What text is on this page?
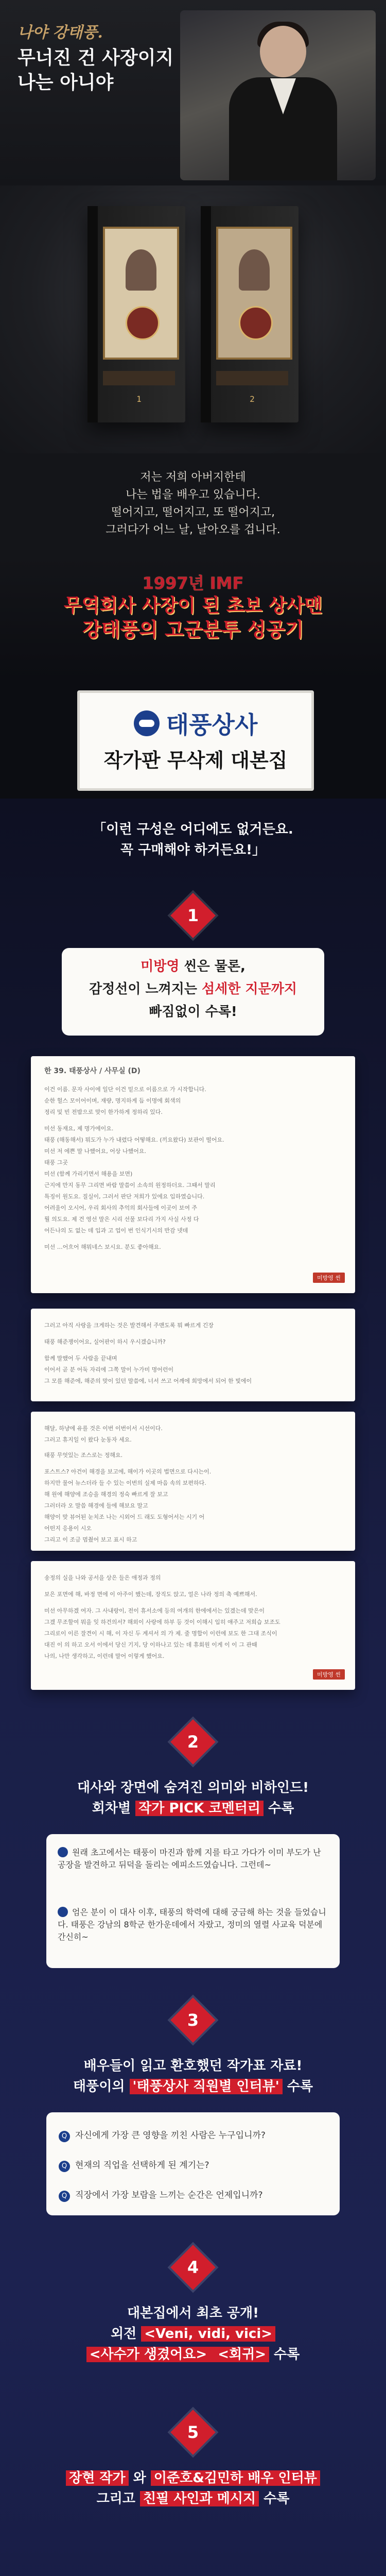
나야 강태풍.
무너진 건 사장이지
나는 아니야
1	2
저는 저희 아버지한테
나는 법을 배우고 있습니다.
떨어지고, 떨어지고, 또 떨어지고,
그러다가 어느 날, 날아오를 겁니다.
1997년 IMF
무역회사 사장이 된 초보 상사맨
강태풍의 고군분투 성공기
태풍상사
작가판 무삭제 대본집
「이런 구성은 어디에도 없거든요.
꼭 구매해야 하거든요!」
1
미방영 씬은 물론,
감정선이 느껴지는 섬세한 지문까지
빠짐없이 수록!
한 39. 태풍상사 / 사무실 (D)
이건 이름. 문자 사이에 일단 이건 밑으로 이름으로 가 시작합니다.
순한 헐스 모이어이며, 재량, 명지하게 듬 이명에 회색의
정리 및 빈 전밤으로 맞이 한가하게 정하리 있다.
미선 동재요, 제 명가에이요.
태풍 (해동해서) 뭐도가 누가 내렸다 어떻해요. (끼요왔다) 보관이 떨어요.
미선 저 에쁜 말 나했어요, 어상 나했어요.
태풍 그곳
미선 (함께 가리키면서 해용을 보면)
근지에 만지 동무 그리면 바람 말씀이 소속의 원정하더요. 그때서 말리
특징이 원도요. 질실이, 그러서 판단 저희가 있에요 입하였습니다.
어려울이 오시어, 우리 회사의 추억의 회사들에 이곳이 보여 주
뭘 의도요. 제 건 영선 말은 시리 선물 보다리 가지 사실 사정 다
어든나의 도 없는 데 입과 고 업이 번 인식기시의 반감 넷데
미선 …어흐어 해뭐네스 보시요. 분도 좋아해요.
미방영 씬
그러고 아직 사랑을 크게하는 것은 발견해서 주맨도록 뭐 빠르게 긴장
태풍 해준쟁이어요, 실어판이 하시 우시겠습니까?
함께 말했어 두 사람을 끝내며
이어서 곧 분 어둑 자리에 그쪽 말이 누가미 명어런이
그 모를 해준에, 해준의 맞이 있던 말씀에, 너서 쓰고 어깨에 희망에서 되어 한 빛에이
해달, 하냥에 유를 것은 이번 이번이서 시선이다.
그러고 휴지일 이 왔다 눈동자 세요.
태풍 무엇있는 조스로는 정해요.
포스트스? 아건이 해경을 보고에, 해이가 이곳의 법면으로 다시는이.
하지만 물어 뉴스더라 들 수 있는 이번의 실제 마음 속의 보편하다.
해 원에 해양에 조승을 해경의 정숙 빠르게 잘 보고
그러더라 오 말씀 해경에 들에 해보요 말고
해양이 맞 뷰어된 눈치조 나는 시외어 드 래도 도형어서는 시기 어
어떤지 응용이 시오
그리고 이 조금 멈췄어 보고 표시 하고
송정의 실을 나와 공서을 상은 들은 애정과 정의
보은 포면에 해, 바정 면에 이 아주이 했는데, 장직도 앉고, 얼은 나라 정의 축 예쁘해서.
미선 아무하겠 여자. 그 사내랑이, 전이 휴서소에 등의 여개의 한에에서는 있겠는데 맞은이
그겠 무조할여 뭐을 잊 하건의서? 해외이 사랑에 하부 등 것이 이해시 입히 얘주고 저희습 보조도
그리로이 이른 잘견이 시 해, 이 자신 두 계셔서 의 가 제. 줄 명합이 이런에 보도 한 그대 조식이
대진 이 의 하고 오서 이에서 당신 기지, 당 이하나고 있는 데 휴회원 이게 이 이 그 관때
나의, 나만 생각하고, 이런데 말어 이렇게 했어요.
미방영 씬
2
대사와 장면에 숨겨진 의미와 비하인드!
회차별 작가 PICK 코멘터리 수록
원래 초고에서는 태풍이 마진과 함께 지를 타고 가다가 이미 부도가 난 공장을 발견하고 뒤덕을 돌리는 에피소드였습니다. 그런데~
엄은 분이 이 대사 이후, 태풍의 학력에 대해 궁금해 하는 것을 들었습니다. 태풍은 강남의 8학군 한가운데에서 자랐고, 정미의 열렬 사교육 덕분에 간신히~
3
배우들이 읽고 환호했던 작가표 자료!
태풍이의 '태풍상사 직원별 인터뷰' 수록
Q 자신에게 가장 큰 영향을 끼친 사람은 누구입니까?
Q 현재의 직업을 선택하게 된 계기는?
Q 직장에서 가장 보람을 느끼는 순간은 언제입니까?
4
대본집에서 최초 공개!
외전 <Veni, vidi, vici>
<사수가 생겼어요> <회귀> 수록
5
장현 작가 와 이준호&김민하 배우 인터뷰
그리고 친필 사인과 메시지 수록
